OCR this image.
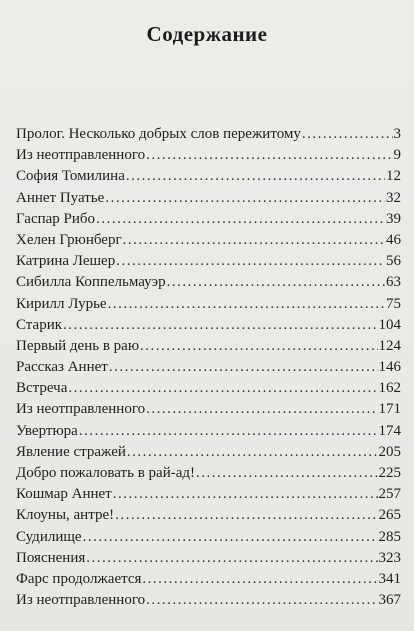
Содержание
Пролог. Несколько добрых слов пережитому .....	3
Из неотправленного .....	9
София Томилина .....	12
Аннет Пуатье .....	32
Гаспар Рибо .....	39
Хелен Грюнберг .....	46
Катрина Лешер .....	56
Сибилла Коппельмауэр .....	63
Кирилл Лурье .....	75
Старик .....	104
Первый день в раю .....	124
Рассказ Аннет .....	146
Встреча .....	162
Из неотправленного .....	171
Увертюра .....	174
Явление стражей .....	205
Добро пожаловать в рай-ад! .....	225
Кошмар Аннет .....	257
Клоуны, антре! .....	265
Судилище .....	285
Пояснения .....	323
Фарс продолжается .....	341
Из неотправленного .....	367
